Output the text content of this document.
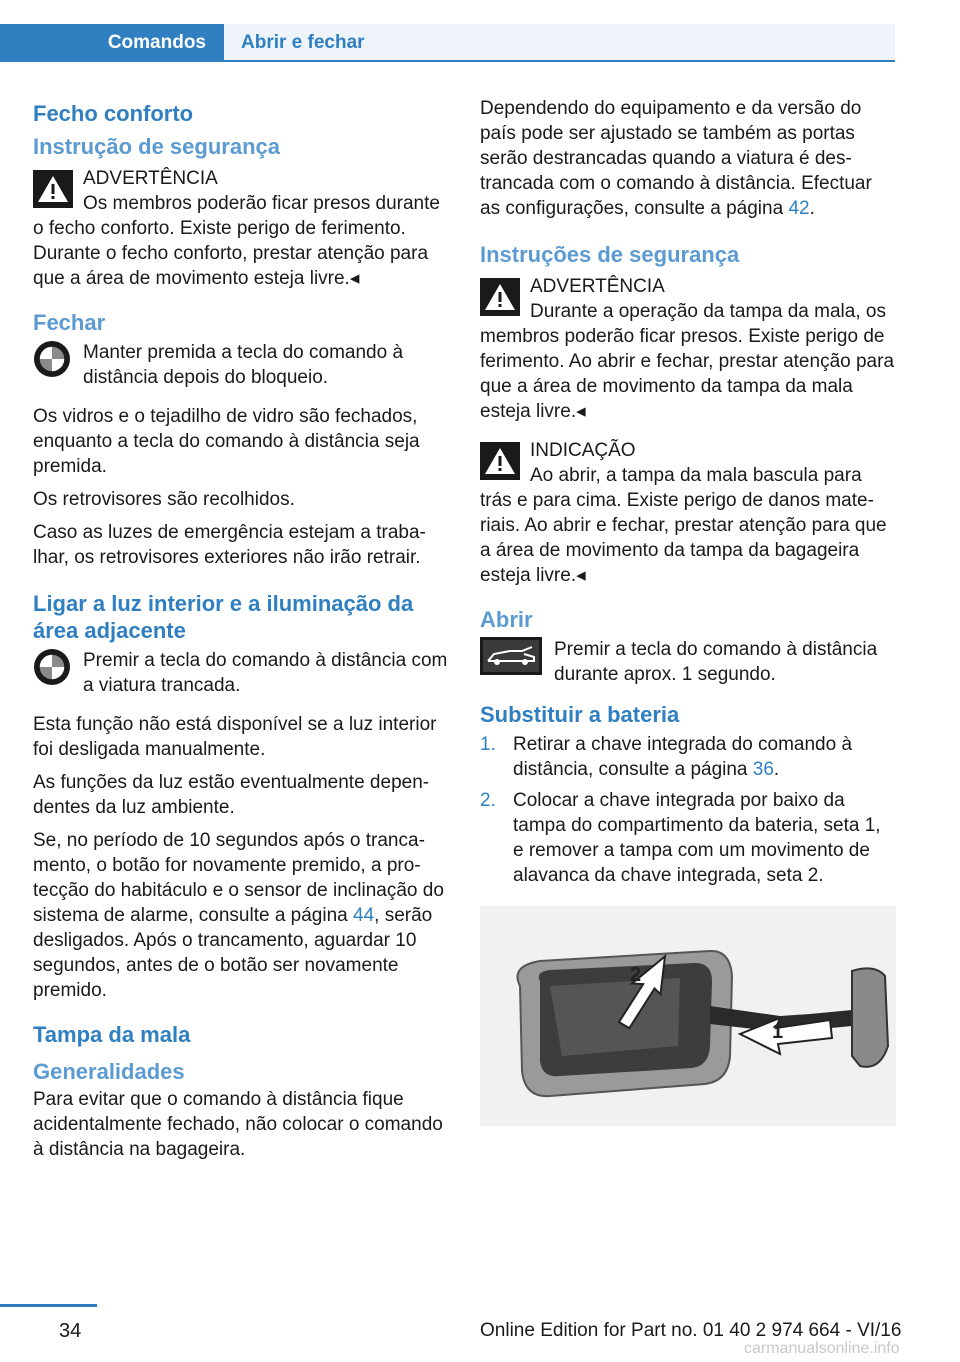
Comandos	Abrir e fechar
Fecho conforto
Instrução de segurança
ADVERTÊNCIA
Os membros poderão ficar presos durante o fecho conforto. Existe perigo de ferimento. Durante o fecho conforto, prestar atenção para que a área de movimento esteja livre.◂
Fechar
Manter premida a tecla do comando à distância depois do bloqueio.

Os vidros e o tejadilho de vidro são fechados, enquanto a tecla do comando à distância seja premida.

Os retrovisores são recolhidos.

Caso as luzes de emergência estejam a trabalhar, os retrovisores exteriores não irão retrair.

Ligar a luz interior e a iluminação da área adjacente
Premir a tecla do comando à distância com a viatura trancada.

Esta função não está disponível se a luz interior foi desligada manualmente.

As funções da luz estão eventualmente dependentes da luz ambiente.

Se, no período de 10 segundos após o trancamento, o botão for novamente premido, a protecção do habitáculo e o sensor de inclinação do sistema de alarme, consulte a página 44, serão desligados. Após o trancamento, aguardar 10 segundos, antes de o botão ser novamente premido.

Tampa da mala
Generalidades

Para evitar que o comando à distância fique acidentalmente fechado, não colocar o comando à distância na bagageira.

Dependendo do equipamento e da versão do país pode ser ajustado se também as portas serão destrancadas quando a viatura é destrancada com o comando à distância. Efectuar as configurações, consulte a página 42.

Instruções de segurança
ADVERTÊNCIA
Durante a operação da tampa da mala, os membros poderão ficar presos. Existe perigo de ferimento. Ao abrir e fechar, prestar atenção para que a área de movimento da tampa da mala esteja livre.◂
INDICAÇÃO
Ao abrir, a tampa da mala bascula para trás e para cima. Existe perigo de danos materiais. Ao abrir e fechar, prestar atenção para que a área de movimento da tampa da bagageira esteja livre.◂
Abrir
Premir a tecla do comando à distância durante aprox. 1 segundo.
Substituir a bateria
1. Retirar a chave integrada do comando à distância, consulte a página 36.
2. Colocar a chave integrada por baixo da tampa do compartimento da bateria, seta 1, e remover a tampa com um movimento de alavanca da chave integrada, seta 2.
1
2
34	Online Edition for Part no. 01 40 2 974 664 - VI/16
carmanualsonline.info
